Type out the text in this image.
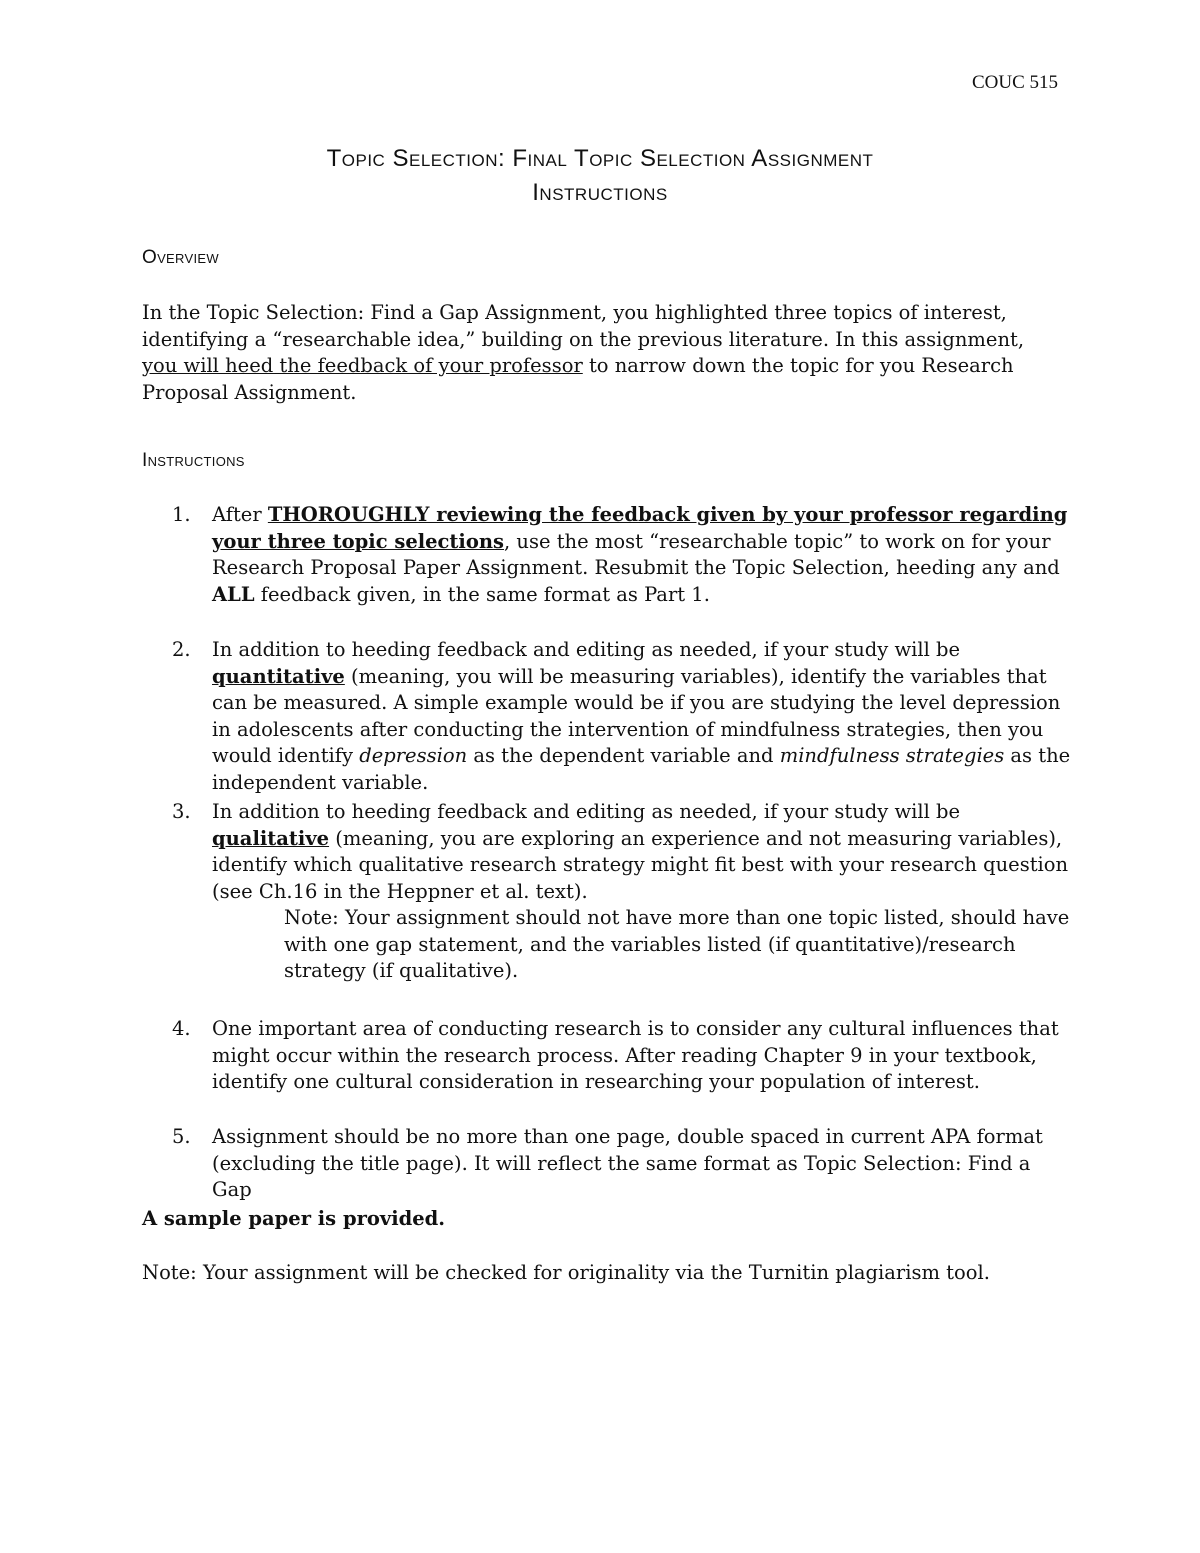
COUC 515
Topic Selection: Final Topic Selection Assignment
Instructions
Overview
In the Topic Selection: Find a Gap Assignment, you highlighted three topics of interest, identifying a “researchable idea,” building on the previous literature. In this assignment, you will heed the feedback of your professor to narrow down the topic for you Research Proposal Assignment.
Instructions
1. After THOROUGHLY reviewing the feedback given by your professor regarding your three topic selections, use the most “researchable topic” to work on for your Research Proposal Paper Assignment. Resubmit the Topic Selection, heeding any and ALL feedback given, in the same format as Part 1.
2. In addition to heeding feedback and editing as needed, if your study will be quantitative (meaning, you will be measuring variables), identify the variables that can be measured. A simple example would be if you are studying the level depression in adolescents after conducting the intervention of mindfulness strategies, then you would identify depression as the dependent variable and mindfulness strategies as the independent variable.
3. In addition to heeding feedback and editing as needed, if your study will be qualitative (meaning, you are exploring an experience and not measuring variables), identify which qualitative research strategy might fit best with your research question (see Ch.16 in the Heppner et al. text).
Note: Your assignment should not have more than one topic listed, should have with one gap statement, and the variables listed (if quantitative)/research strategy (if qualitative).
4. One important area of conducting research is to consider any cultural influences that might occur within the research process. After reading Chapter 9 in your textbook, identify one cultural consideration in researching your population of interest.
5. Assignment should be no more than one page, double spaced in current APA format (excluding the title page). It will reflect the same format as Topic Selection: Find a Gap
A sample paper is provided.
Note: Your assignment will be checked for originality via the Turnitin plagiarism tool.
